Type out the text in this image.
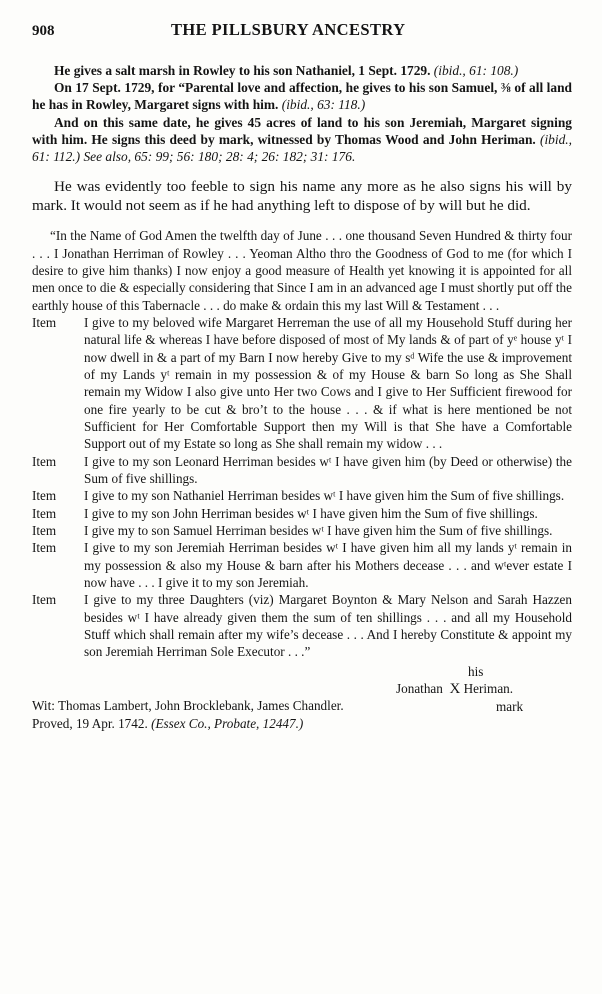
908	THE PILLSBURY ANCESTRY

He gives a salt marsh in Rowley to his son Nathaniel, 1 Sept. 1729. (ibid., 61: 108.)

On 17 Sept. 1729, for “Parental love and affection, he gives to his son Samuel, ⅜ of all land he has in Rowley, Margaret signs with him. (ibid., 63: 118.)

And on this same date, he gives 45 acres of land to his son Jeremiah, Margaret signing with him. He signs this deed by mark, witnessed by Thomas Wood and John Heriman. (ibid., 61: 112.) See also, 65: 99; 56: 180; 28: 4; 26: 182; 31: 176.

He was evidently too feeble to sign his name any more as he also signs his will by mark. It would not seem as if he had anything left to dispose of by will but he did.

“In the Name of God Amen the twelfth day of June . . . one thousand Seven Hundred & thirty four . . . I Jonathan Herriman of Rowley . . . Yeoman Altho thro the Goodness of God to me (for which I desire to give him thanks) I now enjoy a good measure of Health yet knowing it is appointed for all men once to die & especially considering that Since I am in an advanced age I must shortly put off the earthly house of this Tabernacle . . . do make & ordain this my last Will & Testament . . .

Item	I give to my beloved wife Margaret Herreman the use of all my Household Stuff during her natural life & whereas I have before disposed of most of My lands & of part of yᵉ house yᵗ I now dwell in & a part of my Barn I now hereby Give to my sᵈ Wife the use & improvement of my Lands yᵗ remain in my possession & of my House & barn So long as She Shall remain my Widow I also give unto Her two Cows and I give to Her Sufficient firewood for one fire yearly to be cut & bro’t to the house . . . & if what is here mentioned be not Sufficient for Her Comfortable Support then my Will is that She have a Comfortable Support out of my Estate so long as She shall remain my widow . . .
Item	I give to my son Leonard Herriman besides wᵗ I have given him (by Deed or otherwise) the Sum of five shillings.
Item	I give to my son Nathaniel Herriman besides wᵗ I have given him the Sum of five shillings.
Item	I give to my son John Herriman besides wᵗ I have given him the Sum of five shillings.
Item	I give my to son Samuel Herriman besides wᵗ I have given him the Sum of five shillings.
Item	I give to my son Jeremiah Herriman besides wᵗ I have given him all my lands yᵗ remain in my possession & also my House & barn after his Mothers decease . . . and wᵗever estate I now have . . . I give it to my son Jeremiah.
Item	I give to my three Daughters (viz) Margaret Boynton & Mary Nelson and Sarah Hazzen besides wᵗ I have already given them the sum of ten shillings . . . and all my Household Stuff which shall remain after my wife’s decease . . . And I hereby Constitute & appoint my son Jeremiah Herriman Sole Executor . . .”
his
Jonathan X Heriman.
mark
Wit: Thomas Lambert, John Brocklebank, James Chandler.
Proved, 19 Apr. 1742. (Essex Co., Probate, 12447.)
